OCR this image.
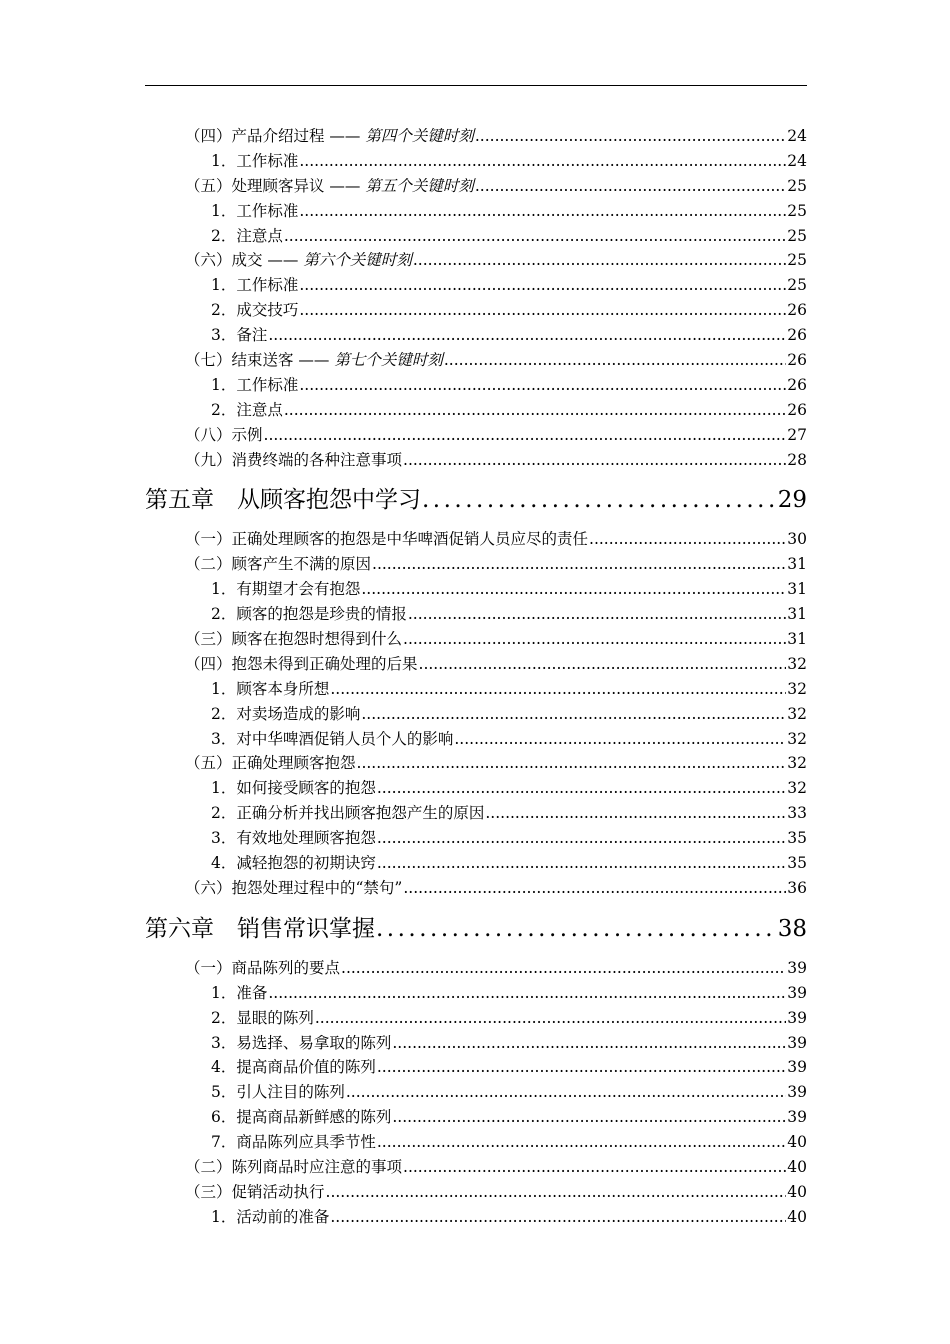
（四）产品介绍过程 —— 第四个关键时刻 .....	24
1．工作标准 .....	24
（五）处理顾客异议 —— 第五个关键时刻 .....	25
1．工作标准 .....	25
2．注意点 .....	25
（六）成交 —— 第六个关键时刻 .....	25
1．工作标准 .....	25
2．成交技巧 .....	26
3．备注 .....	26
（七）结束送客 —— 第七个关键时刻 .....	26
1．工作标准 .....	26
2．注意点 .....	26
（八）示例 .....	27
（九）消费终端的各种注意事项 .....	28
第五章　从顾客抱怨中学习 .....	29
（一）正确处理顾客的抱怨是中华啤酒促销人员应尽的责任 .....	30
（二）顾客产生不满的原因 .....	31
1．有期望才会有抱怨 .....	31
2．顾客的抱怨是珍贵的情报 .....	31
（三）顾客在抱怨时想得到什么 .....	31
（四）抱怨未得到正确处理的后果 .....	32
1．顾客本身所想 .....	32
2．对卖场造成的影响 .....	32
3．对中华啤酒促销人员个人的影响 .....	32
（五）正确处理顾客抱怨 .....	32
1．如何接受顾客的抱怨 .....	32
2．正确分析并找出顾客抱怨产生的原因 .....	33
3．有效地处理顾客抱怨 .....	35
4．减轻抱怨的初期诀窍 .....	35
（六）抱怨处理过程中的“禁句” .....	36
第六章　销售常识掌握 .....	38
（一）商品陈列的要点 .....	39
1．准备 .....	39
2．显眼的陈列 .....	39
3．易选择、易拿取的陈列 .....	39
4．提高商品价值的陈列 .....	39
5．引人注目的陈列 .....	39
6．提高商品新鲜感的陈列 .....	39
7．商品陈列应具季节性 .....	40
（二）陈列商品时应注意的事项 .....	40
（三）促销活动执行 .....	40
1．活动前的准备 .....	40
